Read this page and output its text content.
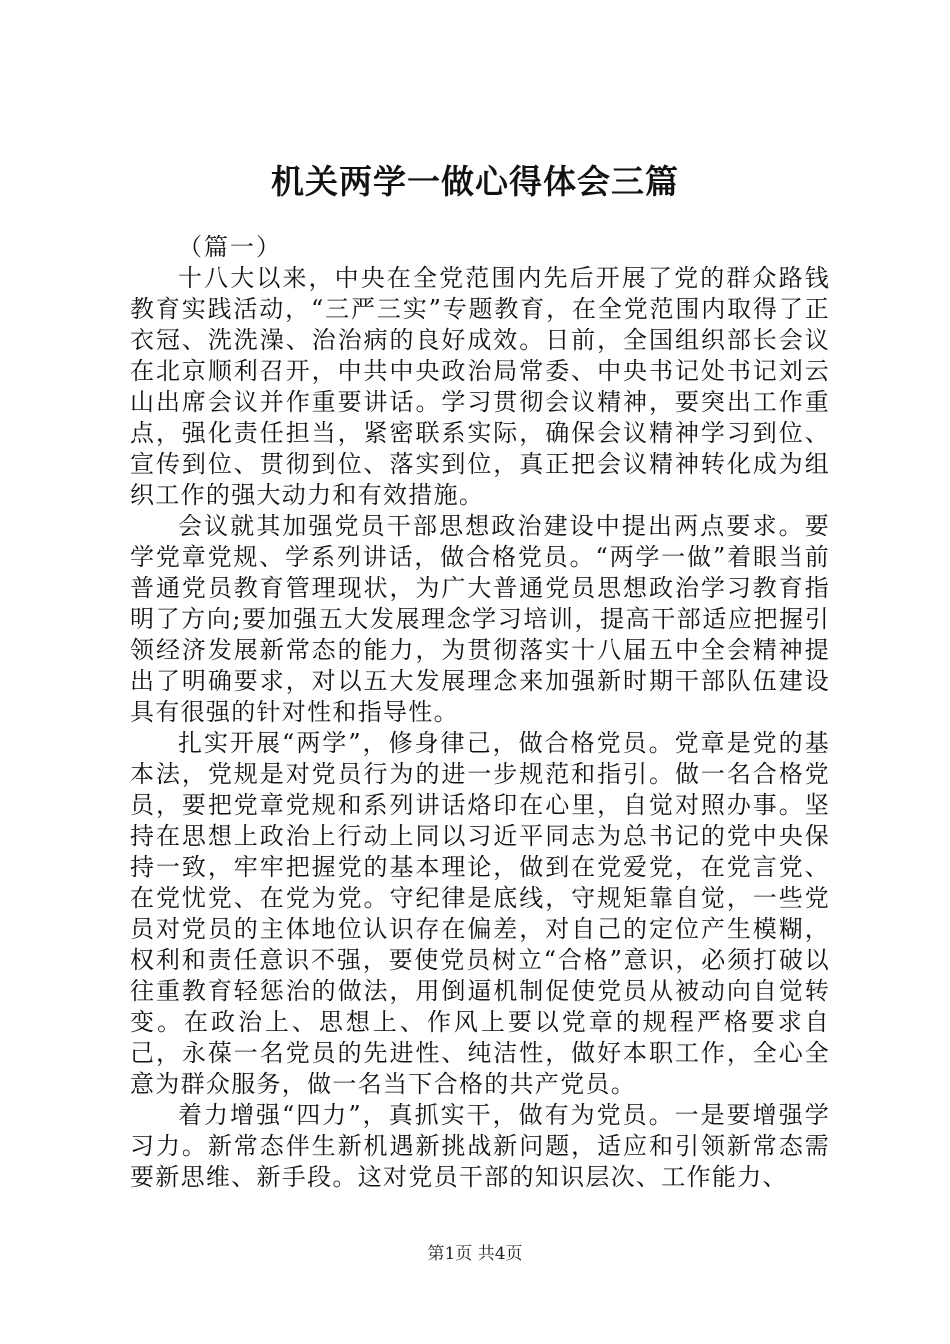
机关两学一做心得体会三篇

（篇一）

十八大以来，中央在全党范围内先后开展了党的群众路钱教育实践活动，“三严三实”专题教育，在全党范围内取得了正衣冠、洗洗澡、治治病的良好成效。日前，全国组织部长会议在北京顺利召开，中共中央政治局常委、中央书记处书记刘云山出席会议并作重要讲话。学习贯彻会议精神，要突出工作重点，强化责任担当，紧密联系实际，确保会议精神学习到位、宣传到位、贯彻到位、落实到位，真正把会议精神转化成为组织工作的强大动力和有效措施。

会议就其加强党员干部思想政治建设中提出两点要求。要学党章党规、学系列讲话，做合格党员。“两学一做”着眼当前普通党员教育管理现状，为广大普通党员思想政治学习教育指明了方向;要加强五大发展理念学习培训，提高干部适应把握引领经济发展新常态的能力，为贯彻落实十八届五中全会精神提出了明确要求，对以五大发展理念来加强新时期干部队伍建设具有很强的针对性和指导性。

扎实开展“两学”，修身律己，做合格党员。党章是党的基本法，党规是对党员行为的进一步规范和指引。做一名合格党员，要把党章党规和系列讲话烙印在心里，自觉对照办事。坚持在思想上政治上行动上同以习近平同志为总书记的党中央保持一致，牢牢把握党的基本理论，做到在党爱党，在党言党、在党忧党、在党为党。守纪律是底线，守规矩靠自觉，一些党员对党员的主体地位认识存在偏差，对自己的定位产生模糊，权利和责任意识不强，要使党员树立“合格”意识，必须打破以往重教育轻惩治的做法，用倒逼机制促使党员从被动向自觉转变。在政治上、思想上、作风上要以党章的规程严格要求自己，永葆一名党员的先进性、纯洁性，做好本职工作，全心全意为群众服务，做一名当下合格的共产党员。

着力增强“四力”，真抓实干，做有为党员。一是要增强学习力。新常态伴生新机遇新挑战新问题，适应和引领新常态需要新思维、新手段。这对党员干部的知识层次、工作能力、

第1页 共4页
